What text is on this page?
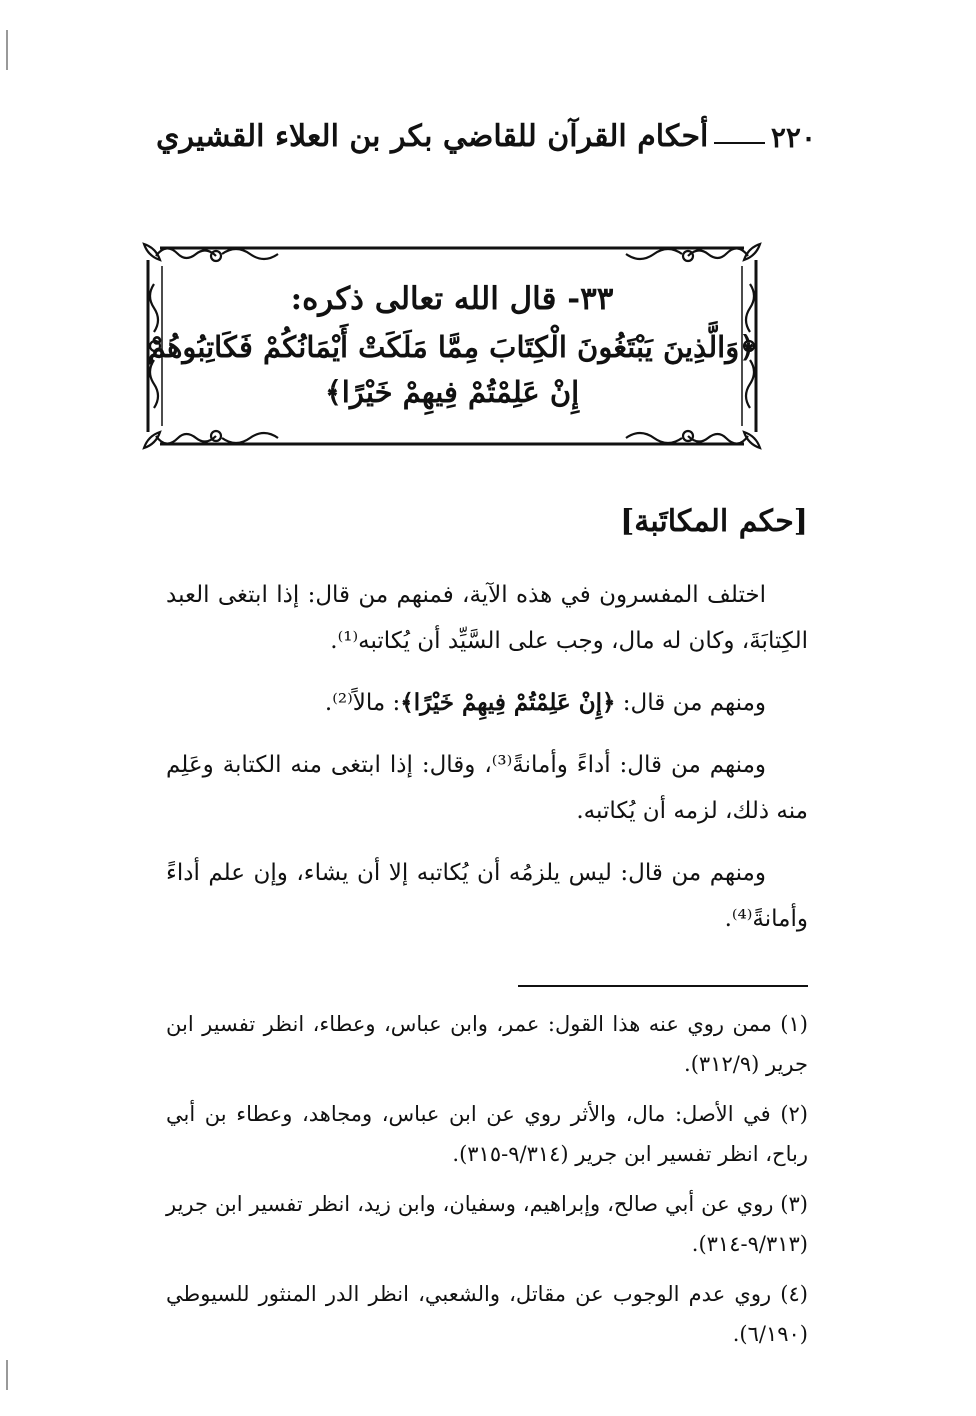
٢٢٠
أحكام القرآن للقاضي بكر بن العلاء القشيري
٣٣- قال الله تعالى ذكره:
﴿وَالَّذِينَ يَبْتَغُونَ الْكِتَابَ مِمَّا مَلَكَتْ أَيْمَانُكُمْ فَكَاتِبُوهُمْ
إِنْ عَلِمْتُمْ فِيهِمْ خَيْرًا﴾
[حكم المكاتَبة]

اختلف المفسرون في هذه الآية، فمنهم من قال: إذا ابتغى العبد الكِتابَةَ، وكان له مال، وجب على السَّيِّد أن يُكاتبه⁽¹⁾.

ومنهم من قال: ﴿إِنْ عَلِمْتُمْ فِيهِمْ خَيْرًا﴾: مالاً⁽²⁾.

ومنهم من قال: أداءً وأمانةً⁽³⁾، وقال: إذا ابتغى منه الكتابة وعَلِم منه ذلك، لزمه أن يُكاتبه.

ومنهم من قال: ليس يلزمُه أن يُكاتبه إلا أن يشاء، وإن علم أداءً وأمانةً⁽⁴⁾.

(١) ممن روي عنه هذا القول: عمر، وابن عباس، وعطاء، انظر تفسير ابن جرير (٣١٢/٩).

(٢) في الأصل: مال، والأثر روي عن ابن عباس، ومجاهد، وعطاء بن أبي رباح، انظر تفسير ابن جرير (٩/٣١٤-٣١٥).

(٣) روي عن أبي صالح، وإبراهيم، وسفيان، وابن زيد، انظر تفسير ابن جرير (٩/٣١٣-٣١٤).

(٤) روي عدم الوجوب عن مقاتل، والشعبي، انظر الدر المنثور للسيوطي (٦/١٩٠).
